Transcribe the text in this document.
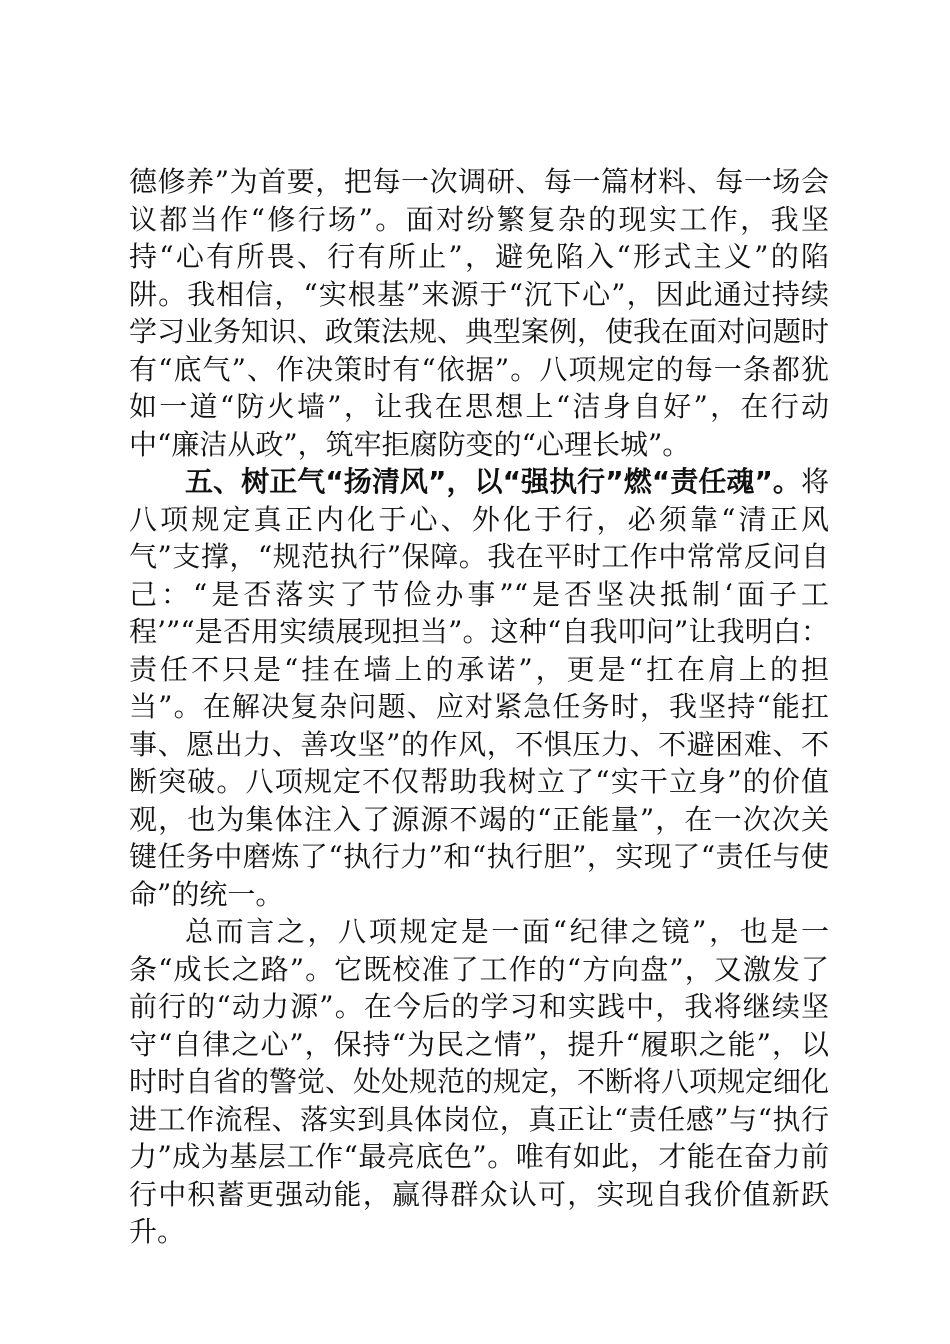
德修养”为首要，把每一次调研、每一篇材料、每一场会议都当作“修行场”。面对纷繁复杂的现实工作，我坚持“心有所畏、行有所止”，避免陷入“形式主义”的陷阱。我相信，“实根基”来源于“沉下心”，因此通过持续学习业务知识、政策法规、典型案例，使我在面对问题时有“底气”、作决策时有“依据”。八项规定的每一条都犹如一道“防火墙”，让我在思想上“洁身自好”，在行动中“廉洁从政”，筑牢拒腐防变的“心理长城”。

五、树正气“扬清风”，以“强执行”燃“责任魂”。将八项规定真正内化于心、外化于行，必须靠“清正风气”支撑，“规范执行”保障。我在平时工作中常常反问自己：“是否落实了节俭办事”“是否坚决抵制‘面子工程’”“是否用实绩展现担当”。这种“自我叩问”让我明白：责任不只是“挂在墙上的承诺”，更是“扛在肩上的担当”。在解决复杂问题、应对紧急任务时，我坚持“能扛事、愿出力、善攻坚”的作风，不惧压力、不避困难、不断突破。八项规定不仅帮助我树立了“实干立身”的价值观，也为集体注入了源源不竭的“正能量”，在一次次关键任务中磨炼了“执行力”和“执行胆”，实现了“责任与使命”的统一。

总而言之，八项规定是一面“纪律之镜”，也是一条“成长之路”。它既校准了工作的“方向盘”，又激发了前行的“动力源”。在今后的学习和实践中，我将继续坚守“自律之心”，保持“为民之情”，提升“履职之能”，以时时自省的警觉、处处规范的规定，不断将八项规定细化进工作流程、落实到具体岗位，真正让“责任感”与“执行力”成为基层工作“最亮底色”。唯有如此，才能在奋力前行中积蓄更强动能，赢得群众认可，实现自我价值新跃升。
